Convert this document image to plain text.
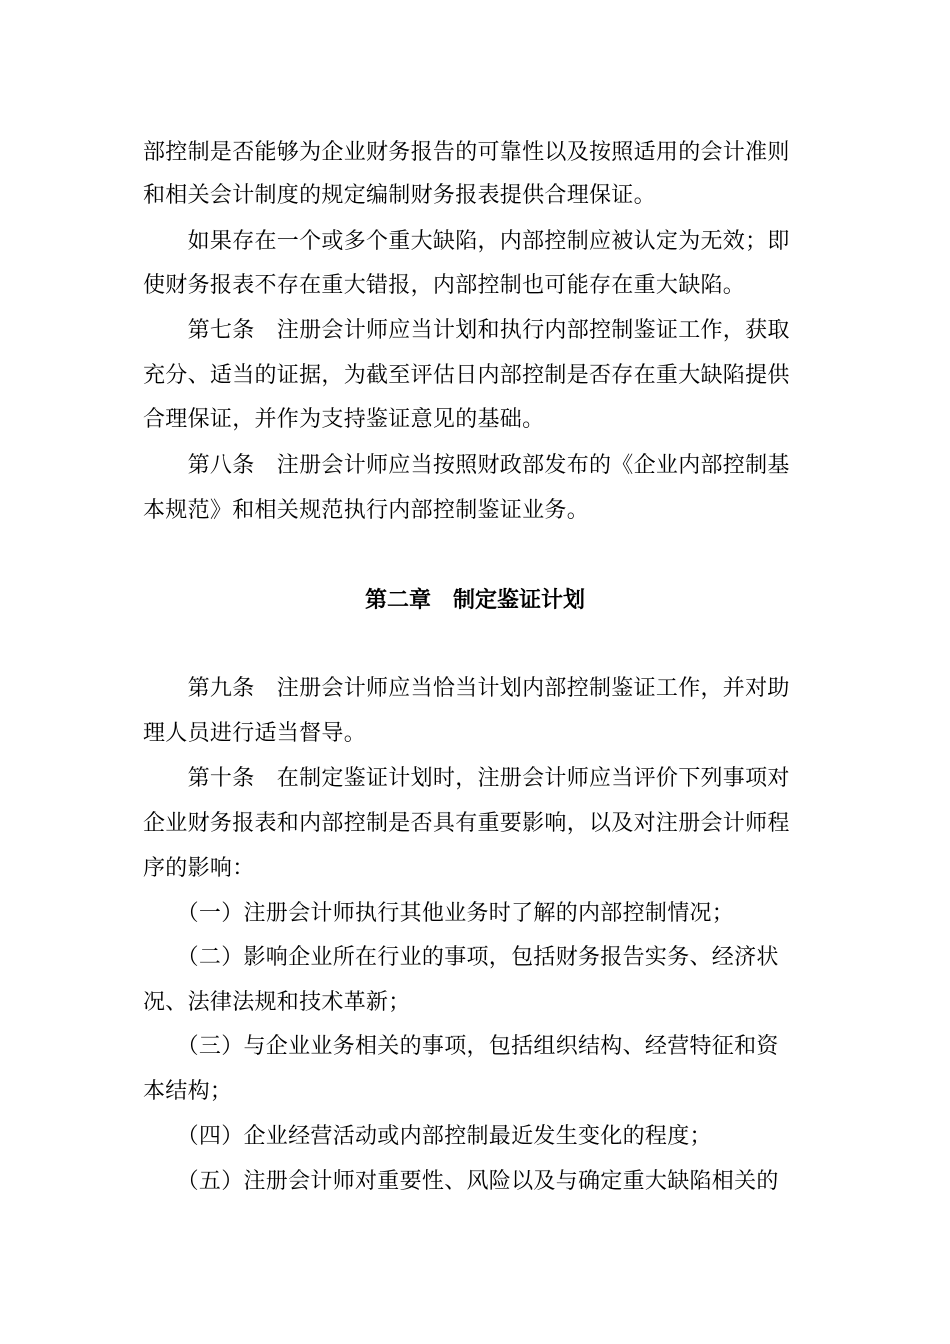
部控制是否能够为企业财务报告的可靠性以及按照适用的会计准则
和相关会计制度的规定编制财务报表提供合理保证。
　　如果存在一个或多个重大缺陷，内部控制应被认定为无效；即
使财务报表不存在重大错报，内部控制也可能存在重大缺陷。
　　第七条　注册会计师应当计划和执行内部控制鉴证工作，获取
充分、适当的证据，为截至评估日内部控制是否存在重大缺陷提供
合理保证，并作为支持鉴证意见的基础。
　　第八条　注册会计师应当按照财政部发布的《企业内部控制基
本规范》和相关规范执行内部控制鉴证业务。
第二章　制定鉴证计划
　　第九条　注册会计师应当恰当计划内部控制鉴证工作，并对助
理人员进行适当督导。
　　第十条　在制定鉴证计划时，注册会计师应当评价下列事项对
企业财务报表和内部控制是否具有重要影响，以及对注册会计师程
序的影响：
　　（一）注册会计师执行其他业务时了解的内部控制情况；
　　（二）影响企业所在行业的事项，包括财务报告实务、经济状
况、法律法规和技术革新；
　　（三）与企业业务相关的事项，包括组织结构、经营特征和资
本结构；
　　（四）企业经营活动或内部控制最近发生变化的程度；
　　（五）注册会计师对重要性、风险以及与确定重大缺陷相关的
